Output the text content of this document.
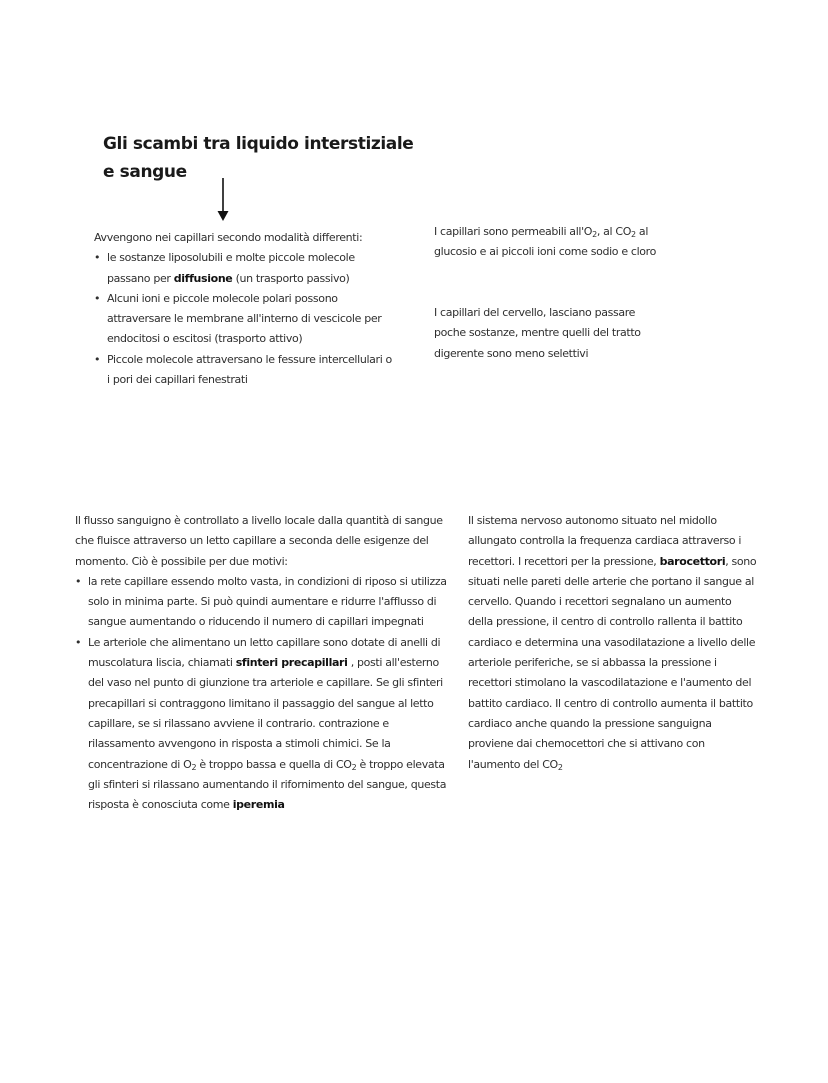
Gli scambi tra liquido interstiziale
e sangue

Avvengono nei capillari secondo modalità differenti:

• le sostanze liposolubili e molte piccole molecole passano per diffusione (un trasporto passivo)
• Alcuni ioni e piccole molecole polari possono attraversare le membrane all'interno di vescicole per endocitosi o escitosi (trasporto attivo)
• Piccole molecole attraversano le fessure intercellulari o i pori dei capillari fenestrati

I capillari sono permeabili $all'O_2$, al $CO_2$ al glucosio e ai piccoli ioni come sodio e cloro

I capillari del cervello, lasciano passare poche sostanze, mentre quelli del tratto digerente sono meno selettivi

Il flusso sanguigno è controllato a livello locale dalla quantità di sangue che fluisce attraverso un letto capillare a seconda delle esigenze del momento. Ciò è possibile per due motivi:

• la rete capillare essendo molto vasta, in condizioni di riposo si utilizza solo in minima parte. Si può quindi aumentare e ridurre l'afflusso di sangue aumentando o riducendo il numero di capillari impegnati
• Le arteriole che alimentano un letto capillare sono dotate di anelli di muscolatura liscia, chiamati sfinteri precapillari , posti all'esterno del vaso nel punto di giunzione tra arteriole e capillare. Se gli sfinteri precapillari si contraggono limitano il passaggio del sangue al letto capillare, se si rilassano avviene il contrario. contrazione e rilassamento avvengono in risposta a stimoli chimici. Se la concentrazione di $O_2$ è troppo bassa e quella di $CO_2$ è troppo elevata gli sfinteri si rilassano aumentando il rifornimento del sangue, questa risposta è conosciuta come iperemia

Il sistema nervoso autonomo situato nel midollo allungato controlla la frequenza cardiaca attraverso i recettori. I recettori per la pressione, barocettori, sono situati nelle pareti delle arterie che portano il sangue al cervello. Quando i recettori segnalano un aumento della pressione, il centro di controllo rallenta il battito cardiaco e determina una vasodilatazione a livello delle arteriole periferiche, se si abbassa la pressione i recettori stimolano la vascodilatazione e l'aumento del battito cardiaco. Il centro di controllo aumenta il battito cardiaco anche quando la pressione sanguigna proviene dai chemocettori che si attivano con l'aumento del $CO_2$
